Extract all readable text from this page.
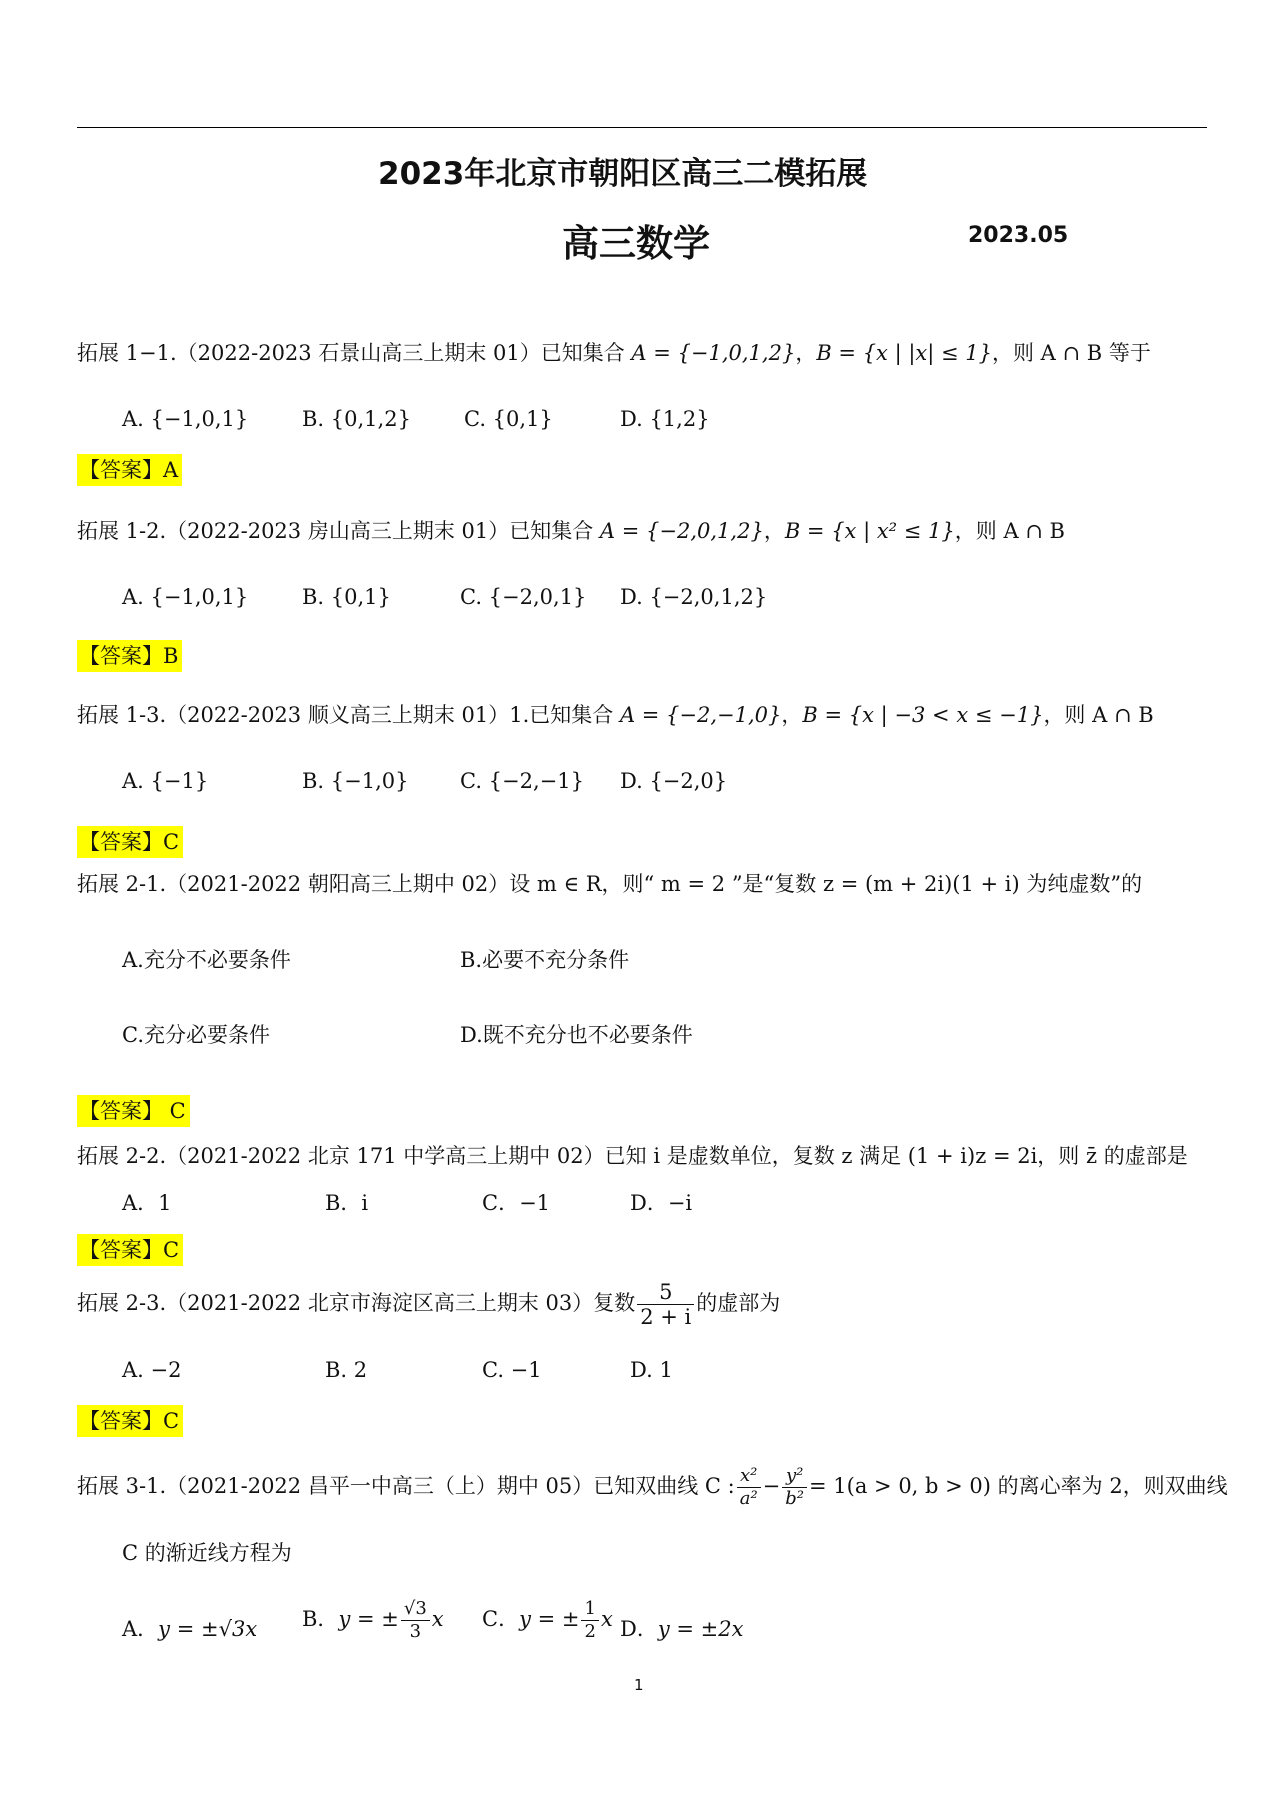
2023年北京市朝阳区高三二模拓展
高三数学	2023.05
拓展 1−1.（2022-2023 石景山高三上期末 01）已知集合 A = {−1,0,1,2}，B = {x | |x| ≤ 1}，则 A ∩ B 等于
A. {−1,0,1}	B. {0,1,2}	C. {0,1}	D. {1,2}
【答案】A
拓展 1-2.（2022-2023 房山高三上期末 01）已知集合 A = {−2,0,1,2}，B = {x | x² ≤ 1}，则 A ∩ B
A. {−1,0,1}	B. {0,1}	C. {−2,0,1} D. {−2,0,1,2}
【答案】B
拓展 1-3.（2022-2023 顺义高三上期末 01）1.已知集合 A = {−2,−1,0}，B = {x | −3 < x ≤ −1}，则 A ∩ B
A. {−1}	B. {−1,0} C. {−2,−1} D. {−2,0}
【答案】C
拓展 2-1.（2021-2022 朝阳高三上期中 02）设 m ∈ R，则“ m = 2 ”是“复数 z = (m + 2i)(1 + i) 为纯虚数”的
A.充分不必要条件	B.必要不充分条件
C.充分必要条件	D.既不充分也不必要条件
【答案】 C
拓展 2-2.（2021-2022 北京 171 中学高三上期中 02）已知 i 是虚数单位，复数 z 满足 (1 + i)z = 2i，则 z̄ 的虚部是
A．1	B．i	C．−1	D．−i
【答案】C
拓展 2-3.（2021-2022 北京市海淀区高三上期末 03）复数 $\frac{5}{2 + i}$ 的虚部为
A. −2	B. 2	C. −1	D. 1
【答案】C
拓展 3-1.（2021-2022 昌平一中高三（上）期中 05）已知双曲线 C : $\frac{\text{x²}}{\text{a²}} - \frac{\text{y²}}{\text{b²}} = 1(a > 0$, b > 0) 的离心率为 2，则双曲线
C 的渐近线方程为
A．y = ±√3x B．y = ± $\frac{√3}{3}$ x C．y = ± $\frac{1}{2}$ x D．y = ±2x
1
